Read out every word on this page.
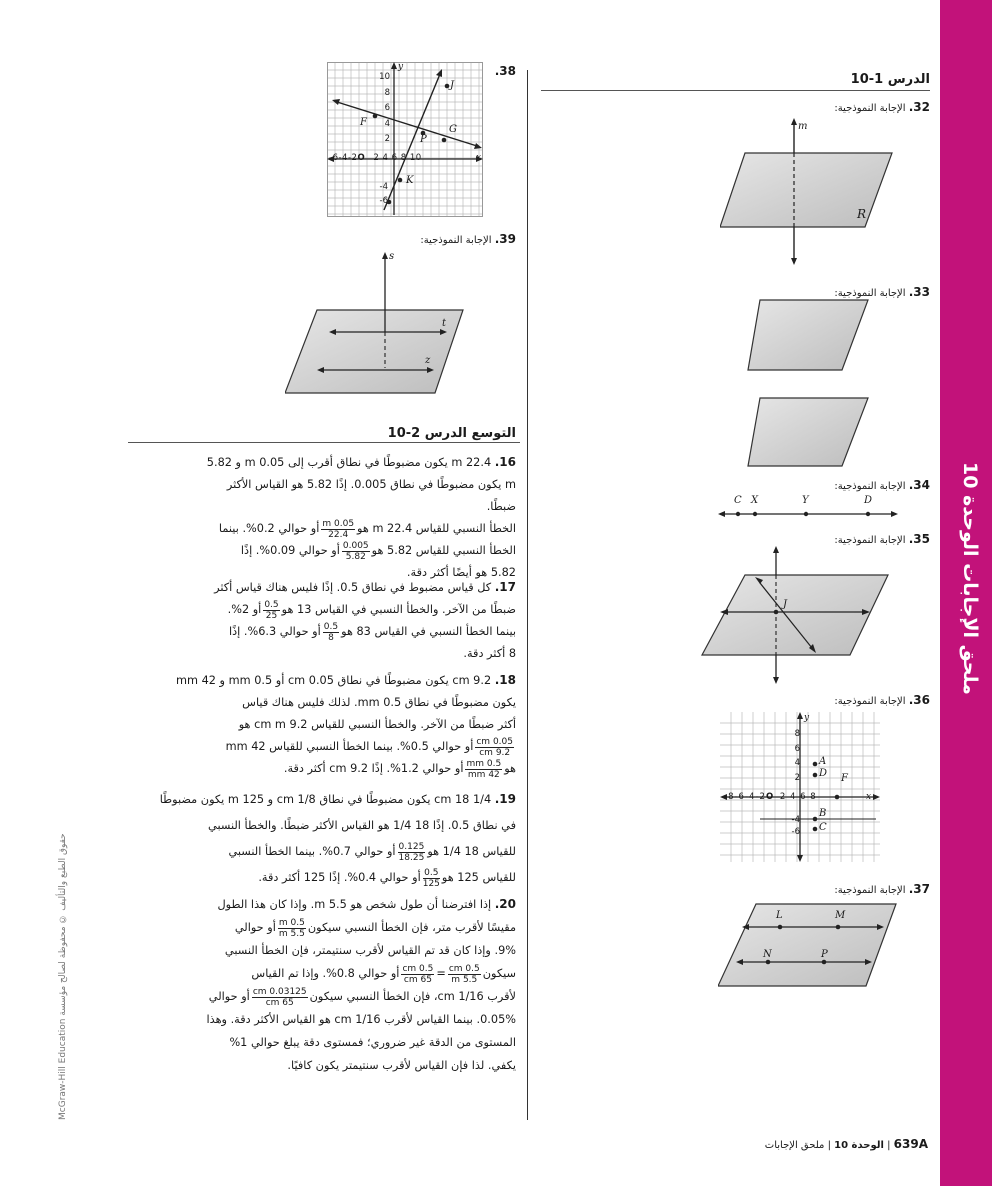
ملحق الإجابات الوحدة 10
McGraw-Hill Education حقوق الطبع والتأليف © محفوظة لصالح مؤسسة
الدرس 1-10
32. الإجابة النموذجية:
m
R
33. الإجابة النموذجية:
34. الإجابة النموذجية:
C X	Y	D
35. الإجابة النموذجية:
J
36. الإجابة النموذجية:
y
x
A
D F
B
C
-8-6-4-2O 2 4 6 8
8
6
4
2
-4
-6
37. الإجابة النموذجية:
L	M
N	P
38.
y
x
J
F
G
P
K
-6-4-2O 2 4 6 8 10
10
8
6
4
2
-4
-6
39. الإجابة النموذجية:
s
t
z
التوسع الدرس 2-10
16. 22.4 m يكون مضبوطًا في نطاق أقرب إلى 0.05 m و 5.82
m يكون مضبوطًا في نطاق 0.005. إذًا 5.82 هو القياس الأكثر
ضبطًا.
الخطأ النسبي للقياس 22.4 m هو
$\frac{0.05 m}{22.4}$
أو حوالي 0.2%. بينما
الخطأ النسبي للقياس 5.82 هو
$\frac{0.005}{5.82}$
أو حوالي 0.09%. إذًا
5.82 هو أيضًا أكثر دقة.
17. كل قياس مضبوط في نطاق 0.5. إذًا فليس هناك قياس أكثر
ضبطًا من الآخر. والخطأ النسبي في القياس 13 هو
$\frac{0.5}{25}$
أو 2%.
بينما الخطأ النسبي في القياس 83 هو
$\frac{0.5}{8}$
أو حوالي 6.3%. إذًا
8 أكثر دقة.
18. 9.2 cm يكون مضبوطًا في نطاق 0.05 cm أو 0.5 mm و 42 mm
يكون مضبوطًا في نطاق 0.5 mm. لذلك فليس هناك قياس
أكثر ضبطًا من الآخر. والخطأ النسبي للقياس 9.2 cm m هو
$\frac{0.05 cm}{9.2 cm}$
أو حوالي 0.5%. بينما الخطأ النسبي للقياس 42 mm
هو
$\frac{0.5 mm}{42 mm}$
أو حوالي 1.2%. إذًا 9.2 cm أكثر دقة.
19. cm 18 1/4 يكون مضبوطًا في نطاق 1/8 cm و 125 m يكون مضبوطًا
في نطاق 0.5. إذًا 18 1/4 هو القياس الأكثر ضبطًا. والخطأ النسبي
للقياس 18 1/4 هو
$\frac{0.125}{18.25}$
أو حوالي 0.7%. بينما الخطأ النسبي
للقياس 125 هو
$\frac{0.5}{125}$
أو حوالي 0.4%. إذًا 125 أكثر دقة.
20. إذا افترضنا أن طول شخص هو 5.5 m. وإذا كان هذا الطول
مقيسًا لأقرب متر، فإن الخطأ النسبي سيكون
$\frac{0.5 m}{5.5 m}$
أو حوالي
9%. وإذا كان قد تم القياس لأقرب سنتيمتر، فإن الخطأ النسبي
سيكون
$\frac{0.5 cm}{5.5 m}$
=
$\frac{0.5 cm}{65 cm}$
أو حوالي 0.8%. وإذا تم القياس
لأقرب 1/16 cm، فإن الخطأ النسبي سيكون
$\frac{0.03125 cm}{65 cm}$
أو حوالي
0.05%. بينما القياس لأقرب 1/16 cm هو القياس الأكثر دقة. وهذا
المستوى من الدقة غير ضروري؛ فمستوى دقة يبلغ حوالي 1%
يكفي. لذا فإن القياس لأقرب سنتيمتر يكون كافيًا.
639A | الوحدة 10 | ملحق الإجابات
